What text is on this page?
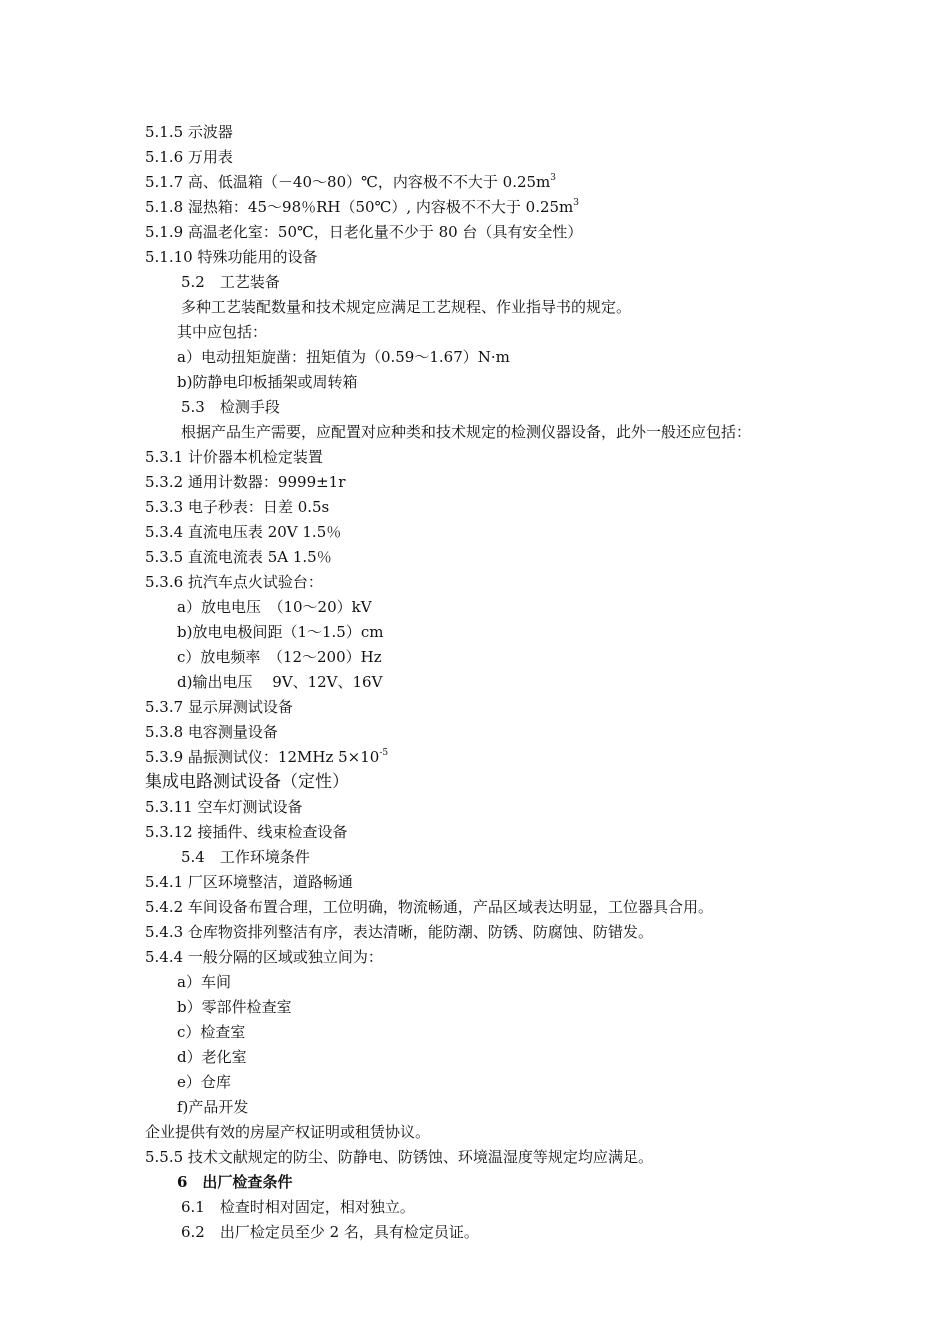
5.1.5 示波器
5.1.6 万用表
5.1.7 高、低温箱（－40～80）℃，内容极不不大于 $0.25m^3$
5.1.8 湿热箱：45～98％RH（50℃）, 内容极不不大于 $0.25m^3$
5.1.9 高温老化室：50℃，日老化量不少于 80 台（具有安全性）
5.1.10 特殊功能用的设备
5.2　工艺装备
多种工艺装配数量和技术规定应满足工艺规程、作业指导书的规定。
其中应包括：
a）电动扭矩旋凿：扭矩值为（0.59～1.67）N·m
b)防静电印板插架或周转箱
5.3　检测手段
根据产品生产需要，应配置对应种类和技术规定的检测仪器设备，此外一般还应包括：
5.3.1 计价器本机检定装置
5.3.2 通用计数器：9999±1r
5.3.3 电子秒表：日差 0.5s
5.3.4 直流电压表 20V 1.5％
5.3.5 直流电流表 5A 1.5％
5.3.6 抗汽车点火试验台：
a）放电电压　（10～20）kV
b)放电电极间距（1～1.5）cm
c）放电频率　（12～200）Hz
d)输出电压　 9V、12V、16V
5.3.7 显示屏测试设备
5.3.8 电容测量设备
5.3.9 晶振测试仪：12MHz $5\times 10^{-5}$
集成电路测试设备（定性）
5.3.11 空车灯测试设备
5.3.12 接插件、线束检查设备
5.4　工作环境条件
5.4.1 厂区环境整洁，道路畅通
5.4.2 车间设备布置合理，工位明确，物流畅通，产品区域表达明显，工位器具合用。
5.4.3 仓库物资排列整洁有序，表达清晰，能防潮、防锈、防腐蚀、防错发。
5.4.4 一般分隔的区域或独立间为：
a）车间
b）零部件检查室
c）检查室
d）老化室
e）仓库
f)产品开发
企业提供有效的房屋产权证明或租赁协议。
5.5.5 技术文献规定的防尘、防静电、防锈蚀、环境温湿度等规定均应满足。
6　出厂检查条件
6.1　检查时相对固定，相对独立。
6.2　出厂检定员至少 2 名，具有检定员证。
